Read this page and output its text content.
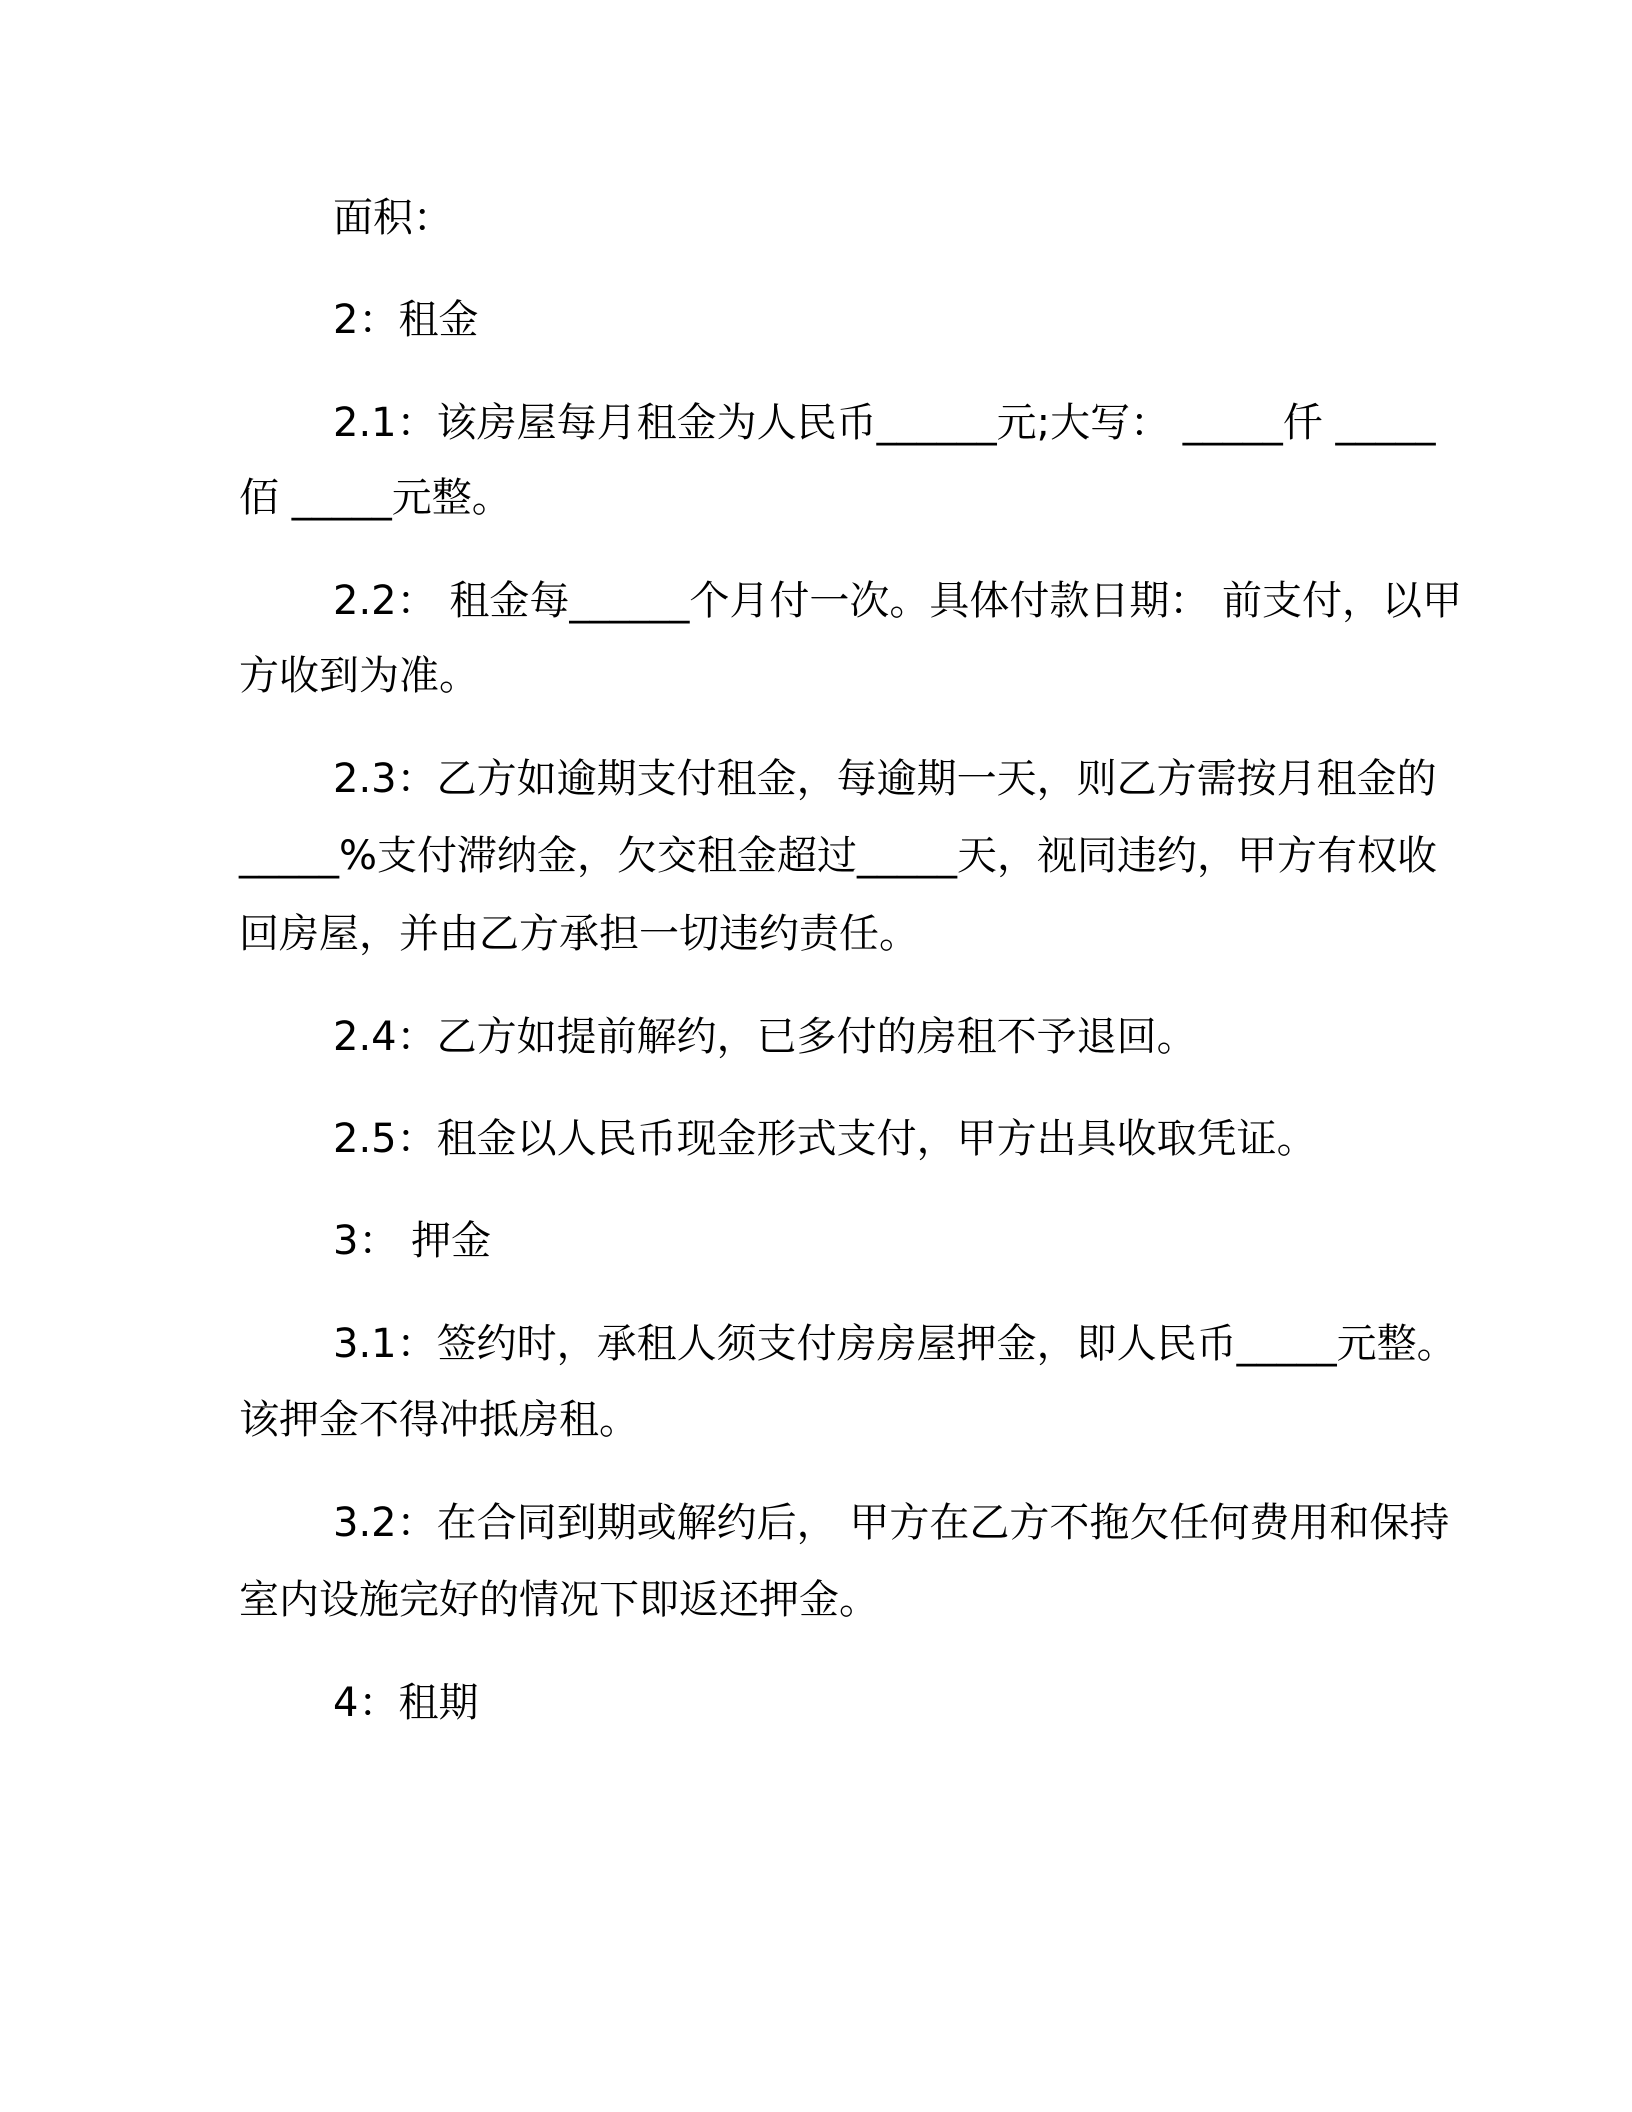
面积：

2：租金

2.1：该房屋每月租金为人民币______元;大写： _____仟 _____

佰 _____元整。

2.2： 租金每______个月付一次。具体付款日期： 前支付，以甲

方收到为准。

2.3：乙方如逾期支付租金，每逾期一天，则乙方需按月租金的

_____%支付滞纳金，欠交租金超过_____天，视同违约，甲方有权收

回房屋，并由乙方承担一切违约责任。

2.4：乙方如提前解约，已多付的房租不予退回。

2.5：租金以人民币现金形式支付，甲方出具收取凭证。

3： 押金

3.1：签约时，承租人须支付房房屋押金，即人民币_____元整。

该押金不得冲抵房租。

3.2：在合同到期或解约后， 甲方在乙方不拖欠任何费用和保持

室内设施完好的情况下即返还押金。

4：租期
